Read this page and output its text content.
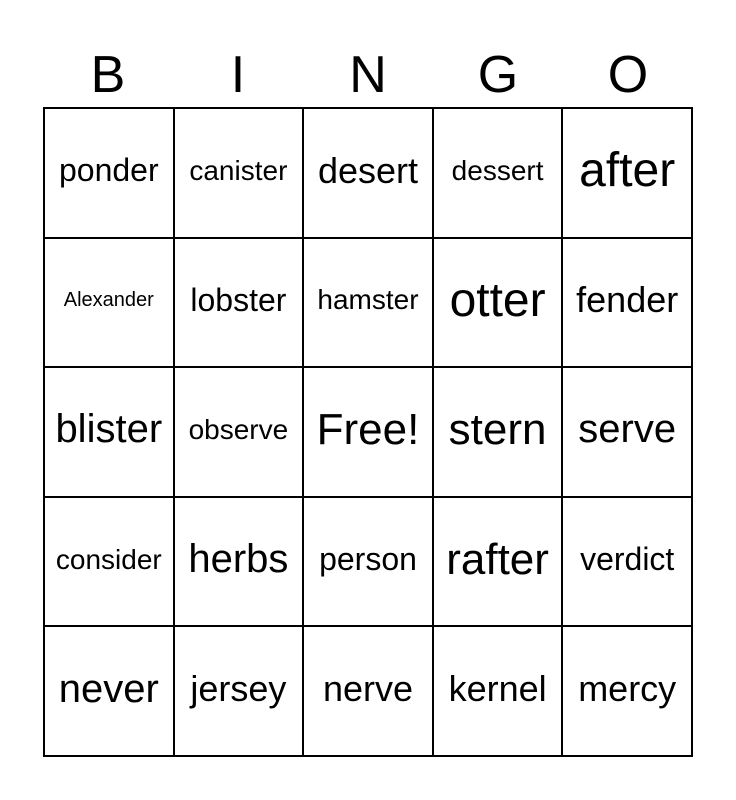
B	I	N	G	O
ponder	canister desert	dessert after
Alexander	lobster	hamster otter fender
blister observe Free! stern serve
consider herbs person rafter verdict
never jersey	nerve kernel mercy
